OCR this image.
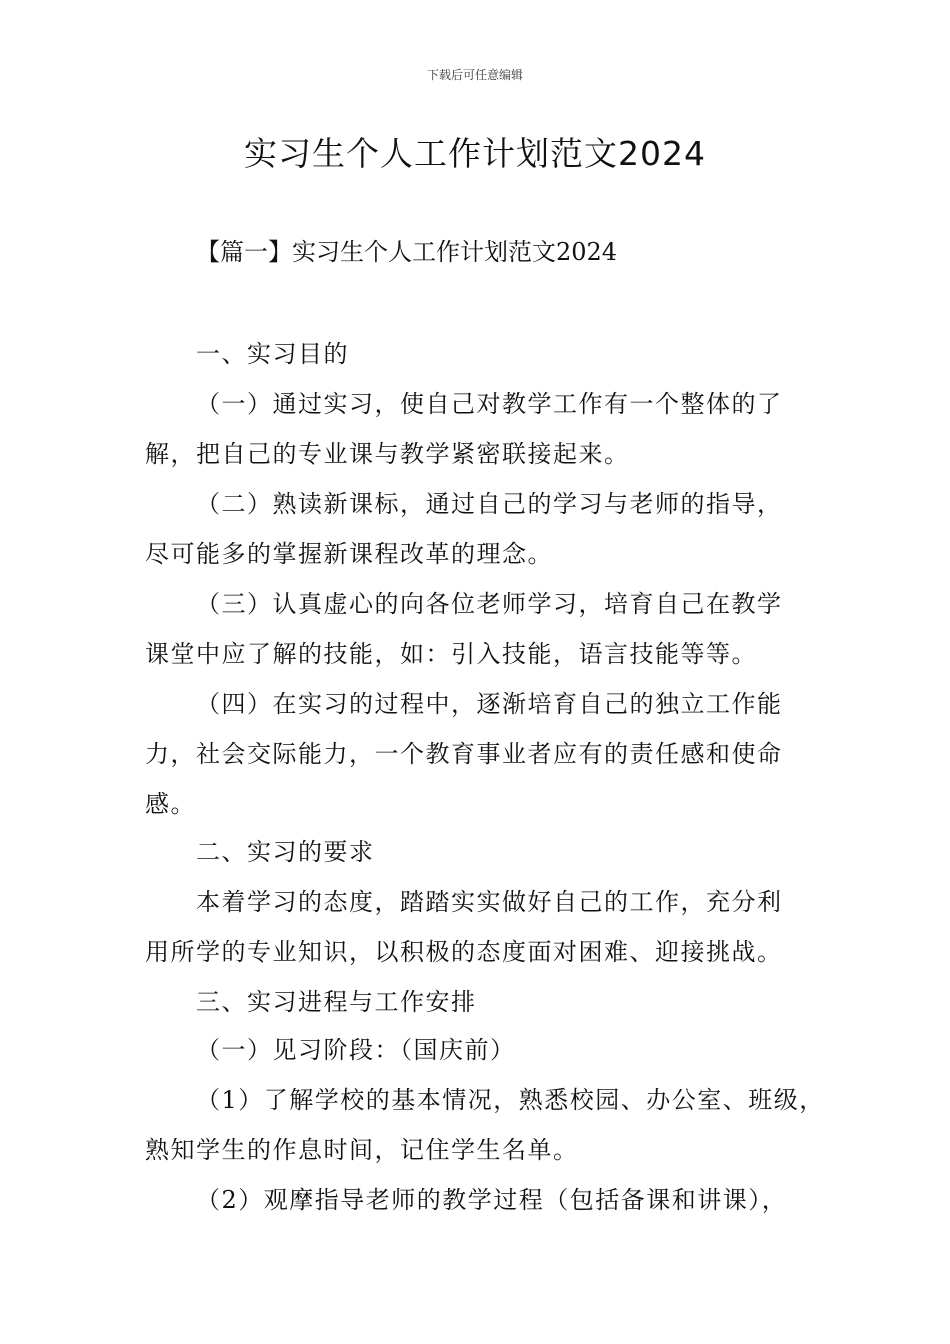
下载后可任意编辑
实习生个人工作计划范文2024
【篇一】实习生个人工作计划范文2024
一、实习目的
（一）通过实习，使自己对教学工作有一个整体的了
解，把自己的专业课与教学紧密联接起来。
（二）熟读新课标，通过自己的学习与老师的指导，
尽可能多的掌握新课程改革的理念。
（三）认真虚心的向各位老师学习，培育自己在教学
课堂中应了解的技能，如：引入技能，语言技能等等。
（四）在实习的过程中，逐渐培育自己的独立工作能
力，社会交际能力，一个教育事业者应有的责任感和使命
感。
二、实习的要求
本着学习的态度，踏踏实实做好自己的工作，充分利
用所学的专业知识，以积极的态度面对困难、迎接挑战。
三、实习进程与工作安排
（一）见习阶段：（国庆前）
（1）了解学校的基本情况，熟悉校园、办公室、班级，
熟知学生的作息时间，记住学生名单。
（2）观摩指导老师的教学过程（包括备课和讲课），
